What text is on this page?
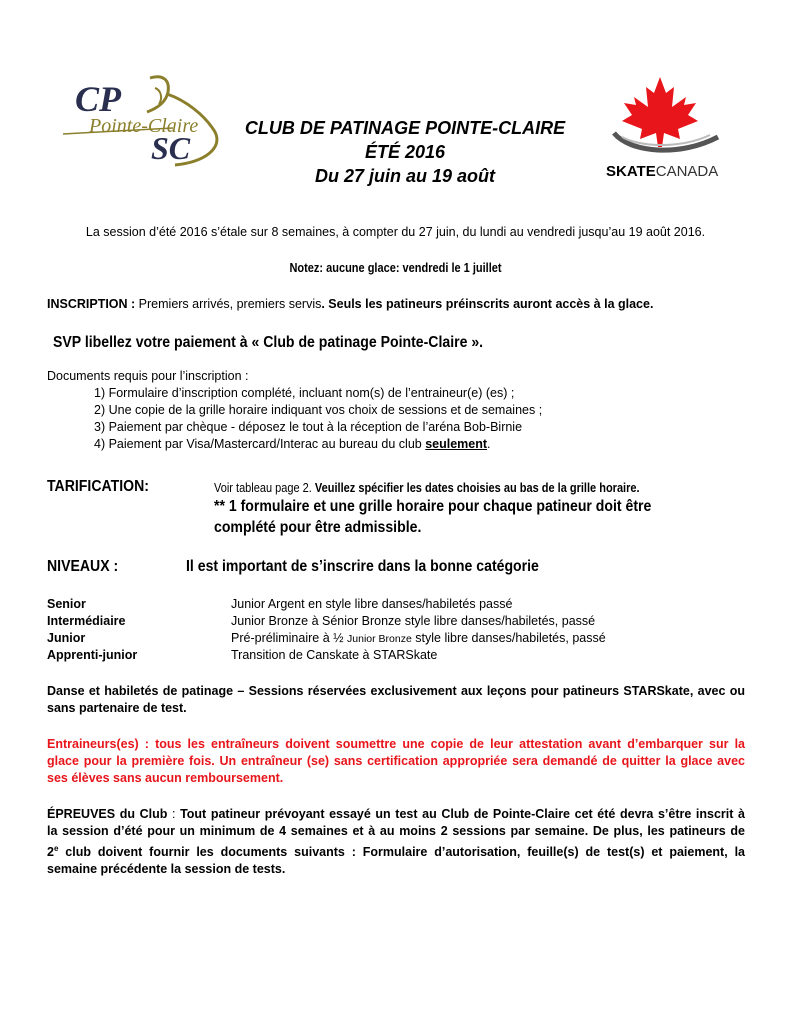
CP
Pointe-Claire
SC
CLUB DE PATINAGE POINTE-CLAIRE
ÉTÉ 2016
Du 27 juin au 19 août	SKATECANADA
La session d’été 2016 s’étale sur 8 semaines, à compter du 27 juin, du lundi au vendredi jusqu’au 19 août 2016.
Notez: aucune glace: vendredi le 1 juillet
INSCRIPTION : Premiers arrivés, premiers servis. Seuls les patineurs préinscrits auront accès à la glace.
SVP libellez votre paiement à « Club de patinage Pointe-Claire ».
Documents requis pour l’inscription :
1) Formulaire d’inscription complété, incluant nom(s) de l’entraineur(e) (es) ;
2) Une copie de la grille horaire indiquant vos choix de sessions et de semaines ;
3) Paiement par chèque - déposez le tout à la réception de l’aréna Bob-Birnie
4) Paiement par Visa/Mastercard/Interac au bureau du club seulement.
TARIFICATION:	Voir tableau page 2. Veuillez spécifier les dates choisies au bas de la grille horaire.
** 1 formulaire et une grille horaire pour chaque patineur doit être
complété pour être admissible.
NIVEAUX :	Il est important de s’inscrire dans la bonne catégorie
Senior	Junior Argent en style libre danses/habiletés passé
Intermédiaire	Junior Bronze à Sénior Bronze style libre danses/habiletés, passé
Junior	Pré-préliminaire à ½ Junior Bronze style libre danses/habiletés, passé
Apprenti-junior	Transition de Canskate à STARSkate
Danse et habiletés de patinage – Sessions réservées exclusivement aux leçons pour patineurs STARSkate, avec ou sans partenaire de test.
Entraineurs(es) : tous les entraîneurs doivent soumettre une copie de leur attestation avant d’embarquer sur la
glace pour la première fois. Un entraîneur (se) sans certification appropriée sera demandé de quitter la glace avec
ses élèves sans aucun remboursement.
ÉPREUVES du Club : Tout patineur prévoyant essayé un test au Club de Pointe-Claire cet été devra s’être inscrit à
la session d’été pour un minimum de 4 semaines et à au moins 2 sessions par semaine. De plus, les patineurs de
2e club doivent fournir les documents suivants : Formulaire d’autorisation, feuille(s) de test(s) et paiement, la
semaine précédente la session de tests.
